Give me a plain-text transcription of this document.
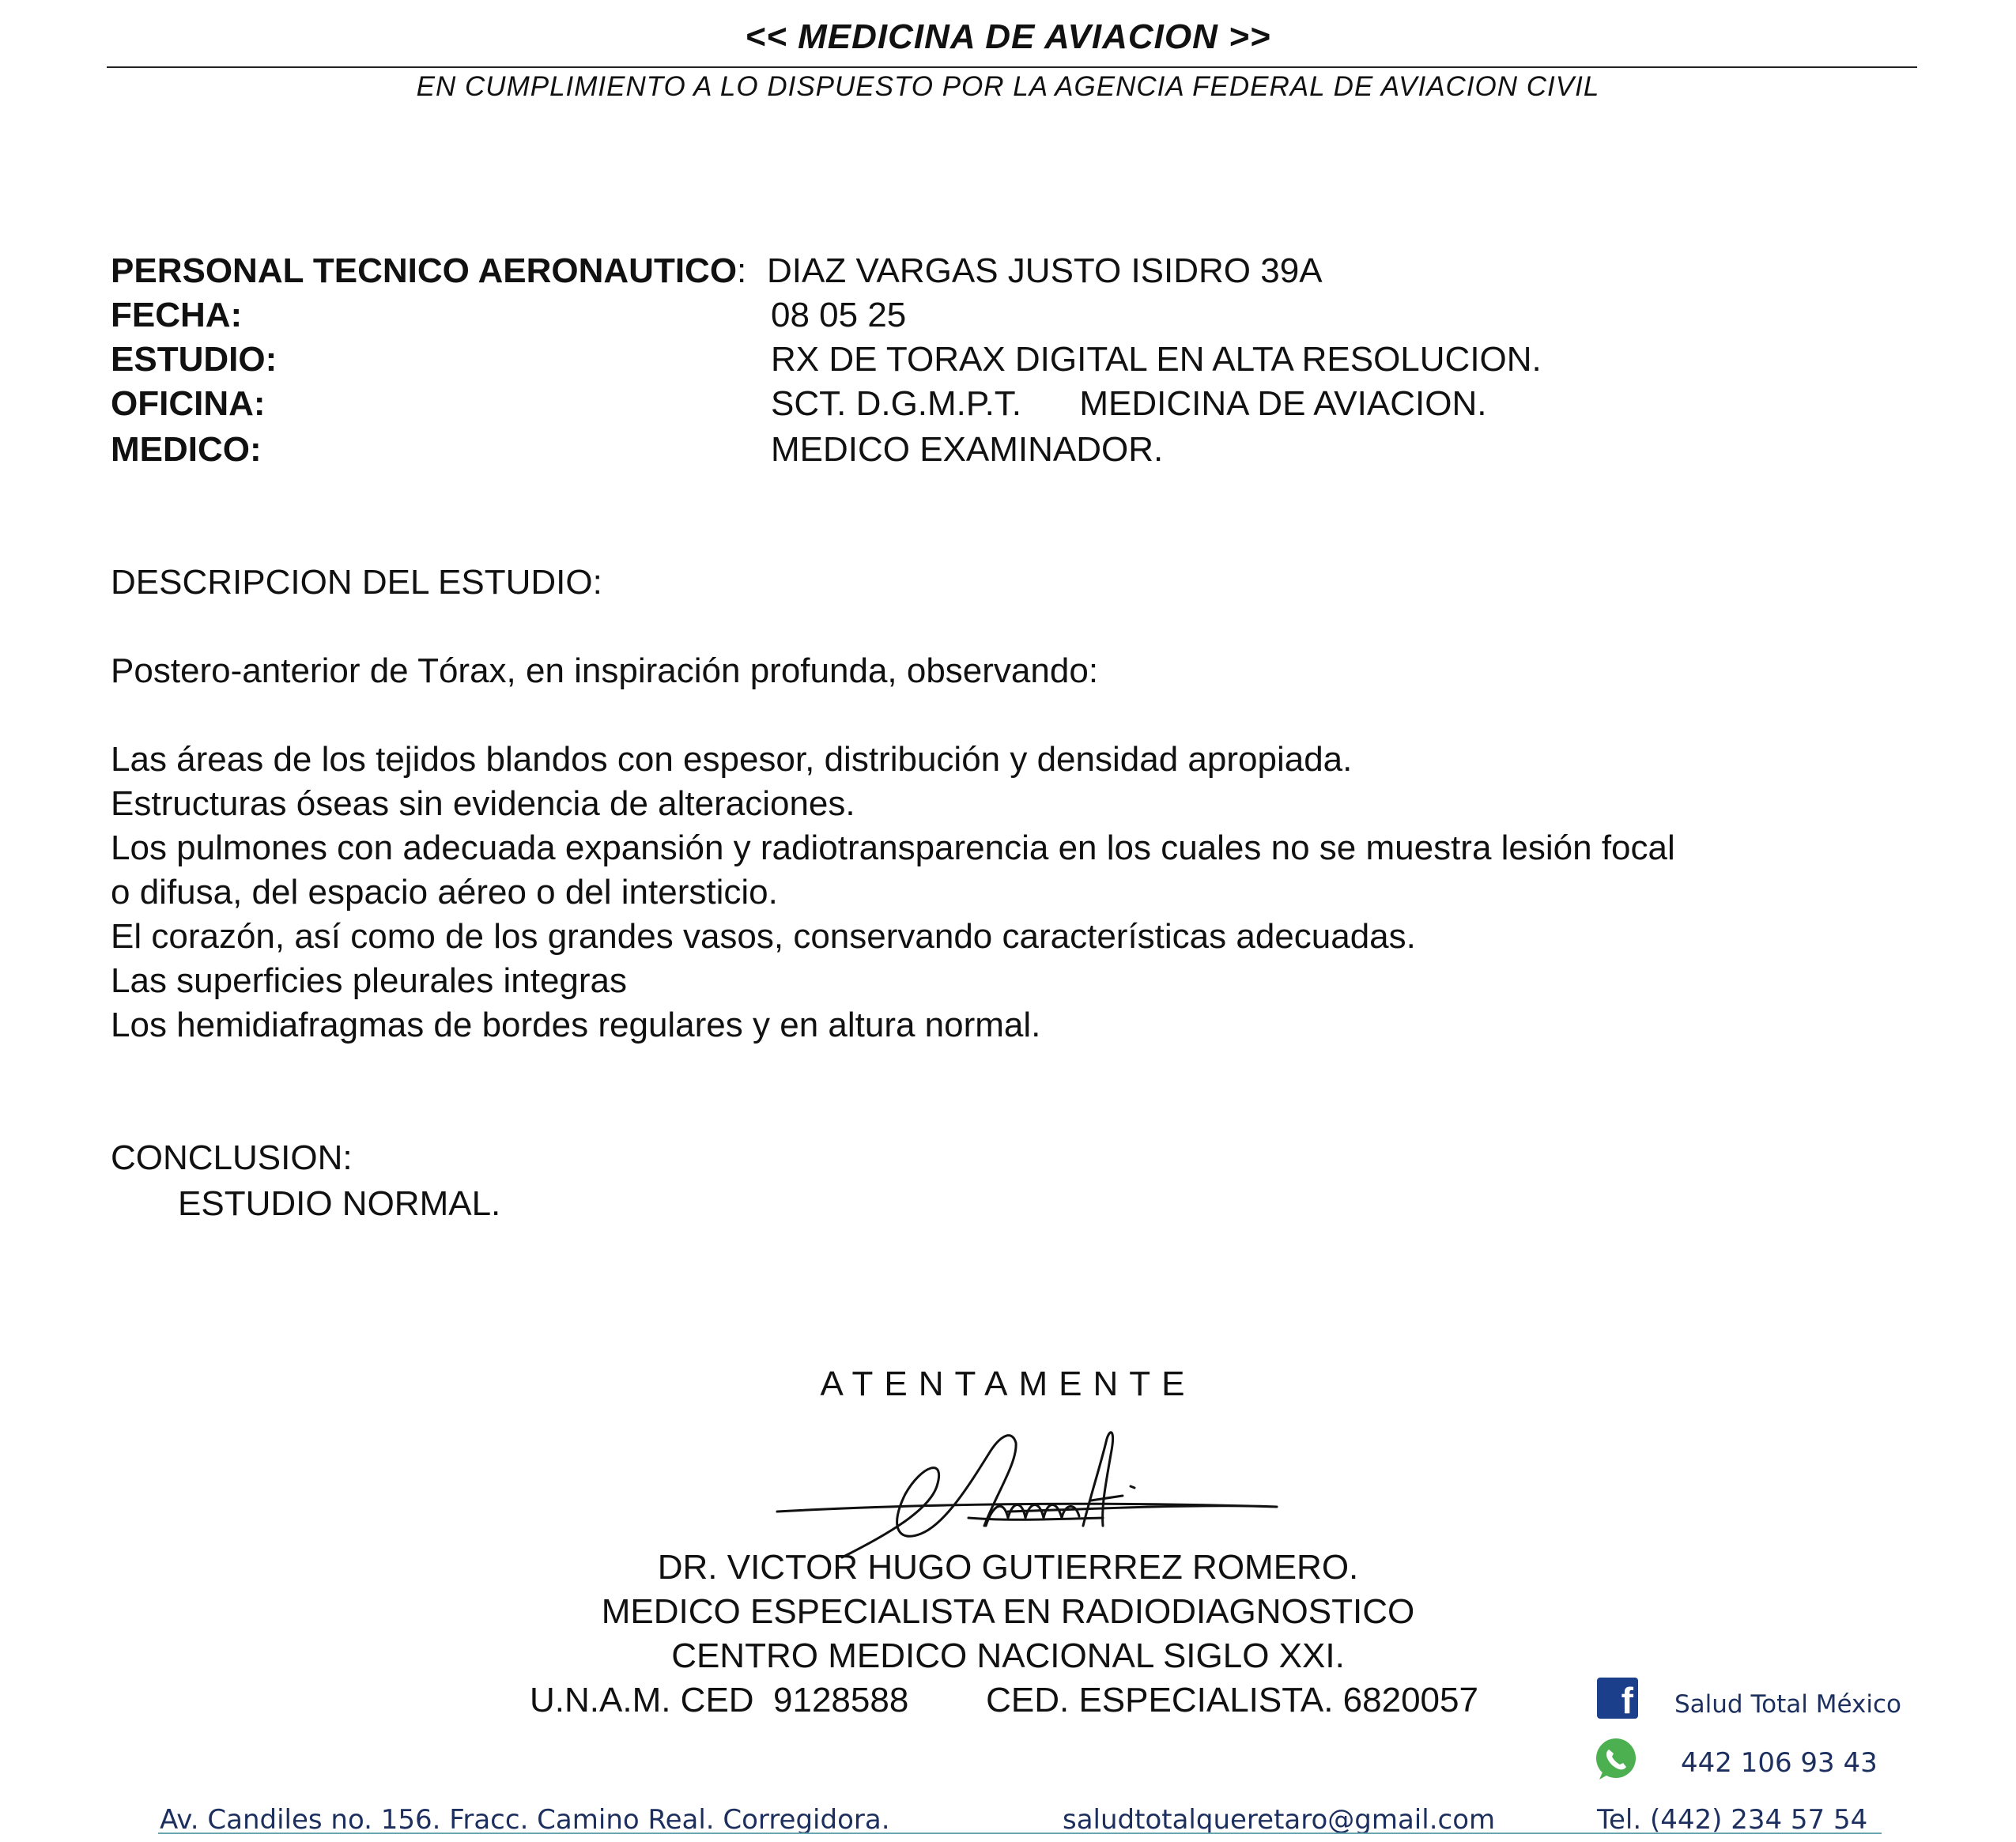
<< MEDICINA DE AVIACION >>
EN CUMPLIMIENTO A LO DISPUESTO POR LA AGENCIA FEDERAL DE AVIACION CIVIL
PERSONAL TECNICO AERONAUTICO: DIAZ VARGAS JUSTO ISIDRO 39A
FECHA:	08 05 25
ESTUDIO:	RX DE TORAX DIGITAL EN ALTA RESOLUCION.
OFICINA:	SCT. D.G.M.P.T.      MEDICINA DE AVIACION.
MEDICO:	MEDICO EXAMINADOR.
DESCRIPCION DEL ESTUDIO:
Postero-anterior de Tórax, en inspiración profunda, observando:
Las áreas de los tejidos blandos con espesor, distribución y densidad apropiada.
Estructuras óseas sin evidencia de alteraciones.
Los pulmones con adecuada expansión y radiotransparencia en los cuales no se muestra lesión focal
o difusa, del espacio aéreo o del intersticio.
El corazón, así como de los grandes vasos, conservando características adecuadas.
Las superficies pleurales integras
Los hemidiafragmas de bordes regulares y en altura normal.
CONCLUSION:
ESTUDIO NORMAL.
ATENTAMENTE
DR. VICTOR HUGO GUTIERREZ ROMERO.
MEDICO ESPECIALISTA EN RADIODIAGNOSTICO
CENTRO MEDICO NACIONAL SIGLO XXI.
U.N.A.M. CED  9128588        CED. ESPECIALISTA. 6820057	f Salud Total México
442 106 93 43
Av. Candiles no. 156. Fracc. Camino Real. Corregidora.	saludtotalqueretaro@gmail.com	Tel. (442) 234 57 54
